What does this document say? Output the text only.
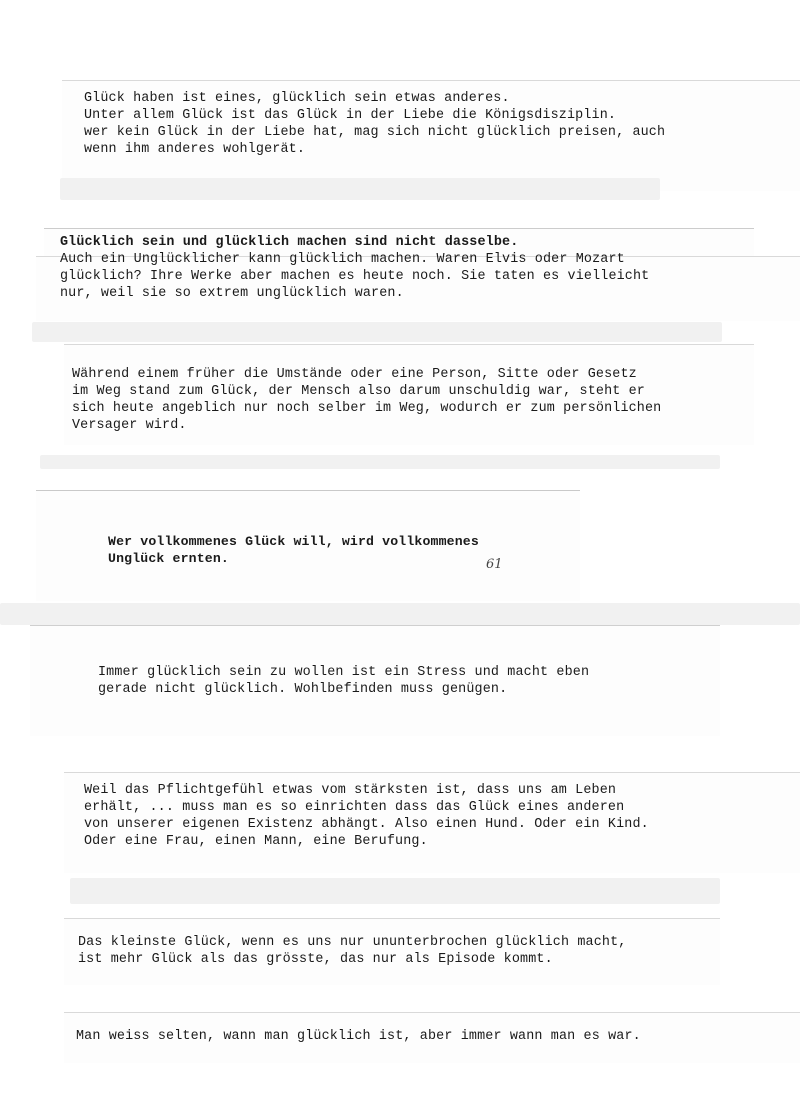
Glück haben ist eines, glücklich sein etwas anderes.
Unter allem Glück ist das Glück in der Liebe die Königsdisziplin.
wer kein Glück in der Liebe hat, mag sich nicht glücklich preisen, auch
wenn ihm anderes wohlgerät.
Glücklich sein und glücklich machen sind nicht dasselbe.
Auch ein Unglücklicher kann glücklich machen. Waren Elvis oder Mozart
glücklich? Ihre Werke aber machen es heute noch. Sie taten es vielleicht
nur, weil sie so extrem unglücklich waren.
Während einem früher die Umstände oder eine Person, Sitte oder Gesetz
im Weg stand zum Glück, der Mensch also darum unschuldig war, steht er
sich heute angeblich nur noch selber im Weg, wodurch er zum persönlichen
Versager wird.
Wer vollkommenes Glück will, wird vollkommenes
Unglück ernten.	61
Immer glücklich sein zu wollen ist ein Stress und macht eben
gerade nicht glücklich. Wohlbefinden muss genügen.
Weil das Pflichtgefühl etwas vom stärksten ist, dass uns am Leben
erhält, ... muss man es so einrichten dass das Glück eines anderen
von unserer eigenen Existenz abhängt. Also einen Hund. Oder ein Kind.
Oder eine Frau, einen Mann, eine Berufung.
Das kleinste Glück, wenn es uns nur ununterbrochen glücklich macht,
ist mehr Glück als das grösste, das nur als Episode kommt.
Man weiss selten, wann man glücklich ist, aber immer wann man es war.
